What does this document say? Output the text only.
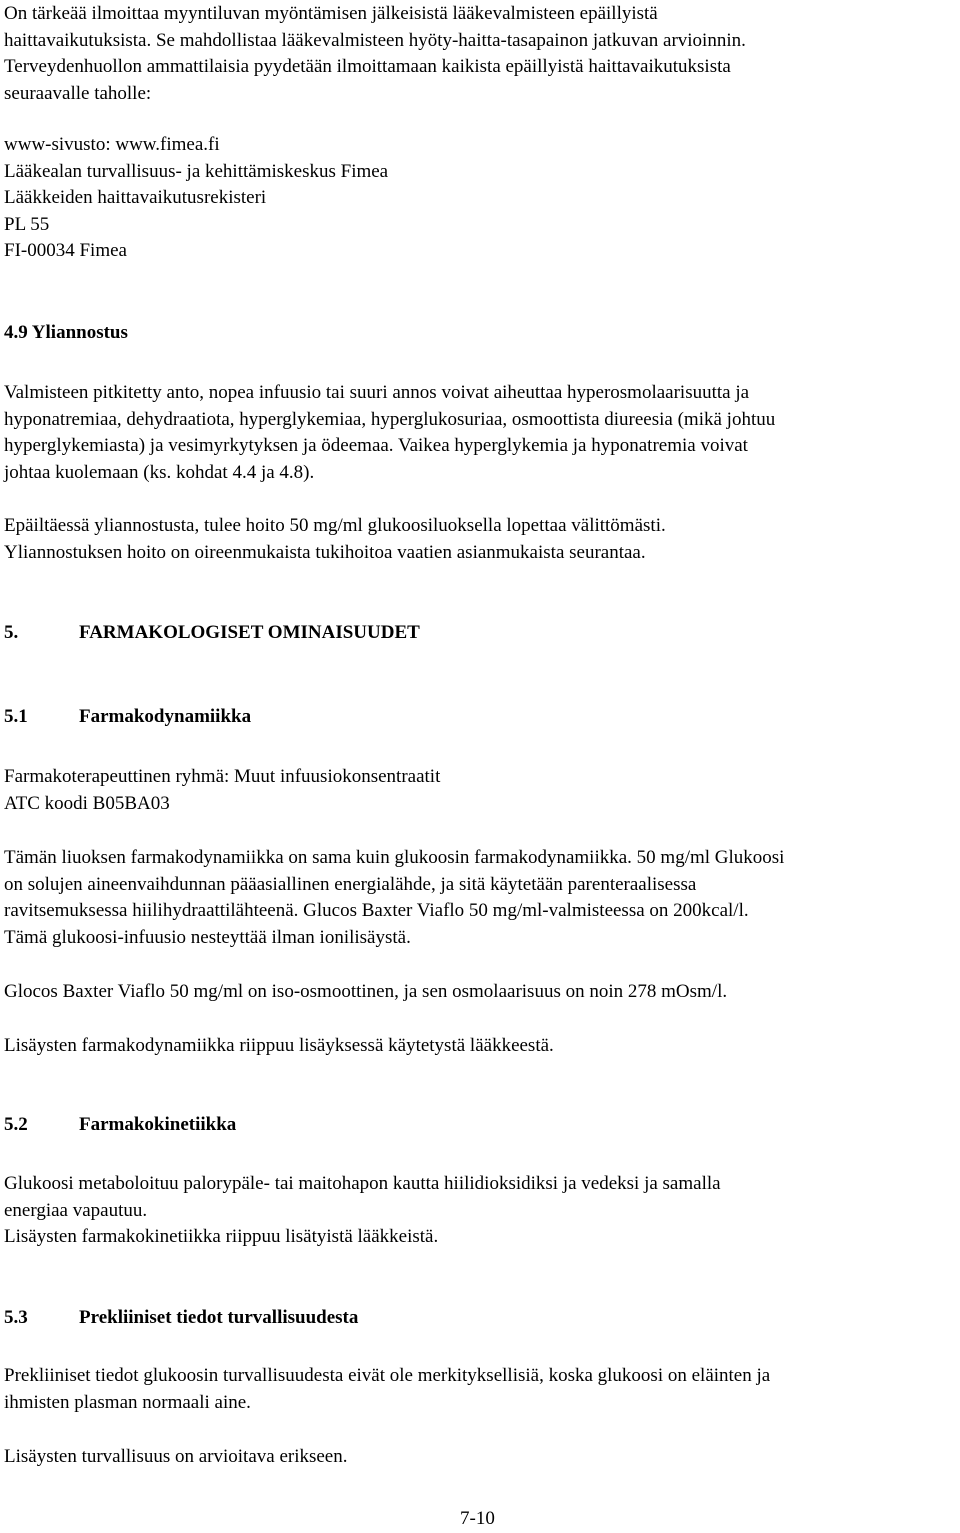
On tärkeää ilmoittaa myyntiluvan myöntämisen jälkeisistä lääkevalmisteen epäillyistä

haittavaikutuksista. Se mahdollistaa lääkevalmisteen hyöty-haitta-tasapainon jatkuvan arvioinnin.

Terveydenhuollon ammattilaisia pyydetään ilmoittamaan kaikista epäillyistä haittavaikutuksista

seuraavalle taholle:

www-sivusto: www.fimea.fi

Lääkealan turvallisuus- ja kehittämiskeskus Fimea

Lääkkeiden haittavaikutusrekisteri

PL 55

FI-00034 Fimea

4.9 Yliannostus

Valmisteen pitkitetty anto, nopea infuusio tai suuri annos voivat aiheuttaa hyperosmolaarisuutta ja

hyponatremiaa, dehydraatiota, hyperglykemiaa, hyperglukosuriaa, osmoottista diureesia (mikä johtuu

hyperglykemiasta) ja vesimyrkytyksen ja ödeemaa. Vaikea hyperglykemia ja hyponatremia voivat

johtaa kuolemaan (ks. kohdat 4.4 ja 4.8).

Epäiltäessä yliannostusta, tulee hoito 50 mg/ml glukoosiluoksella lopettaa välittömästi.

Yliannostuksen hoito on oireenmukaista tukihoitoa vaatien asianmukaista seurantaa.

5.	FARMAKOLOGISET OMINAISUUDET
5.1	Farmakodynamiikka

Farmakoterapeuttinen ryhmä: Muut infuusiokonsentraatit

ATC koodi B05BA03

Tämän liuoksen farmakodynamiikka on sama kuin glukoosin farmakodynamiikka. 50 mg/ml Glukoosi

on solujen aineenvaihdunnan pääasiallinen energialähde, ja sitä käytetään parenteraalisessa

ravitsemuksessa hiilihydraattilähteenä. Glucos Baxter Viaflo 50 mg/ml-valmisteessa on 200kcal/l.

Tämä glukoosi-infuusio nesteyttää ilman ionilisäystä.

Glocos Baxter Viaflo 50 mg/ml on iso-osmoottinen, ja sen osmolaarisuus on noin 278 mOsm/l.

Lisäysten farmakodynamiikka riippuu lisäyksessä käytetystä lääkkeestä.

5.2	Farmakokinetiikka

Glukoosi metaboloituu palorypäle- tai maitohapon kautta hiilidioksidiksi ja vedeksi ja samalla

energiaa vapautuu.

Lisäysten farmakokinetiikka riippuu lisätyistä lääkkeistä.

5.3	Prekliiniset tiedot turvallisuudesta

Prekliiniset tiedot glukoosin turvallisuudesta eivät ole merkityksellisiä, koska glukoosi on eläinten ja

ihmisten plasman normaali aine.

Lisäysten turvallisuus on arvioitava erikseen.

7-10
